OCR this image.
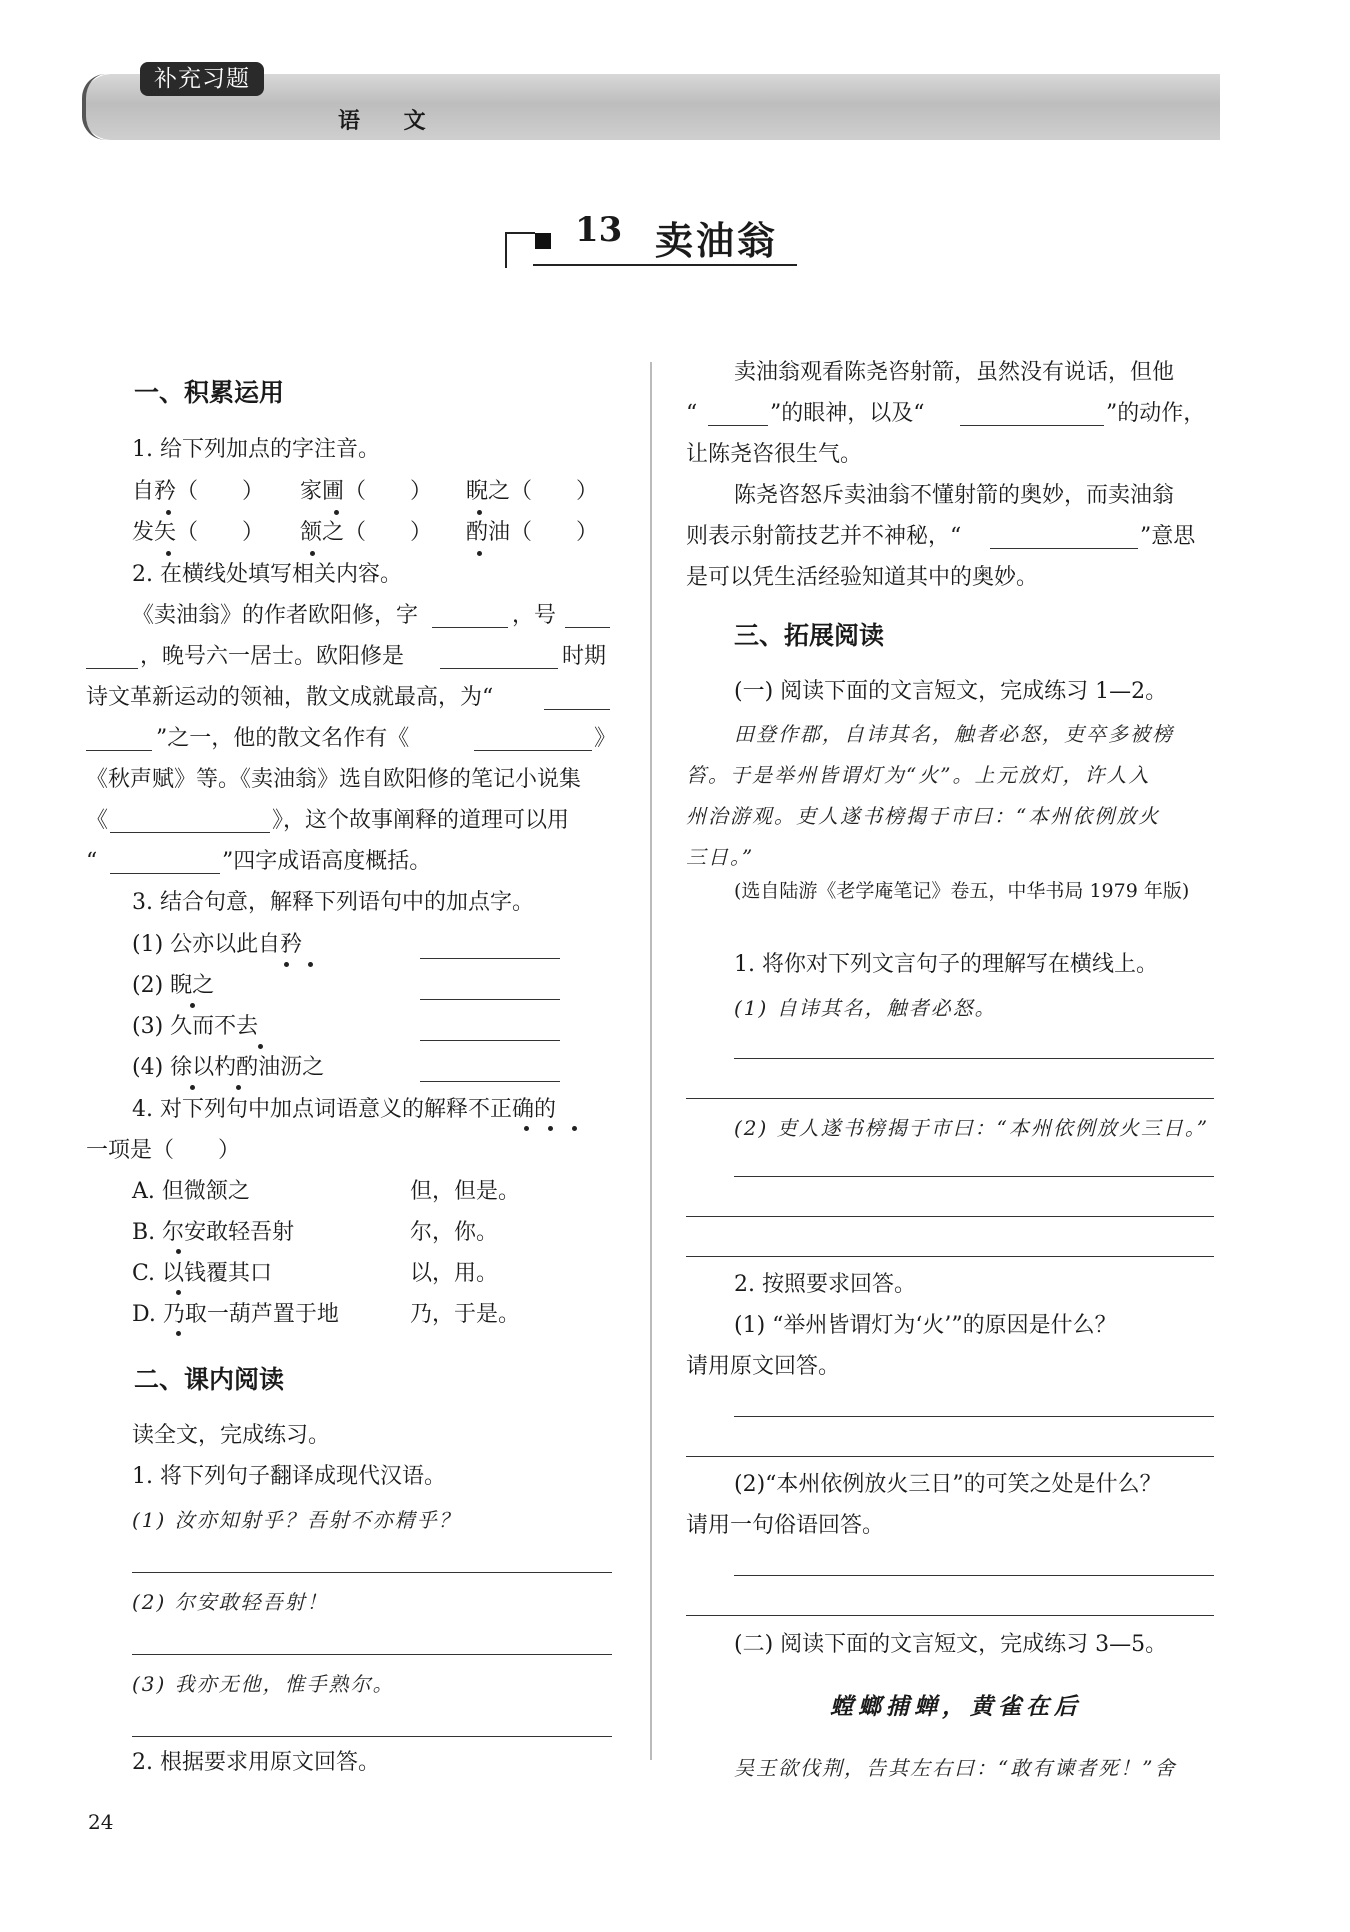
补充习题
语 文
13 卖油翁
一、积累运用
1. 给下列加点的字注音。
自矜（　　） 家圃（　　） 睨之（　　）
发矢（　　） 颔之（　　） 酌油（　　）
2. 在横线处填写相关内容。
《卖油翁》的作者欧阳修，字	，号
，晚号六一居士。欧阳修是	时期
诗文革新运动的领袖，散文成就最高，为“
”之一，他的散文名作有《	》
《秋声赋》等。《卖油翁》选自欧阳修的笔记小说集
《	》，这个故事阐释的道理可以用
“	”四字成语高度概括。
3. 结合句意，解释下列语句中的加点字。
(1) 公亦以此自矜
(2) 睨之
(3) 久而不去
(4) 徐以杓酌油沥之
4. 对下列句中加点词语意义的解释不正确的
一项是（　　）
A. 但微颔之	但，但是。
B. 尔安敢轻吾射	尔，你。
C. 以钱覆其口	以，用。
D. 乃取一葫芦置于地	乃，于是。
二、课内阅读
读全文，完成练习。
1. 将下列句子翻译成现代汉语。
(1) 汝亦知射乎？吾射不亦精乎？
(2) 尔安敢轻吾射！
(3) 我亦无他，惟手熟尔。
2. 根据要求用原文回答。
卖油翁观看陈尧咨射箭，虽然没有说话，但他
“	”的眼神，以及“	”的动作，
让陈尧咨很生气。
陈尧咨怒斥卖油翁不懂射箭的奥妙，而卖油翁
则表示射箭技艺并不神秘，“	”意思
是可以凭生活经验知道其中的奥妙。
三、拓展阅读
(一) 阅读下面的文言短文，完成练习 1—2。
田登作郡，自讳其名，触者必怒，吏卒多被榜
笞。于是举州皆谓灯为“火”。上元放灯，许人入
州治游观。吏人遂书榜揭于市曰：“本州依例放火
三日。”
(选自陆游《老学庵笔记》卷五，中华书局 1979 年版)
1. 将你对下列文言句子的理解写在横线上。
(1) 自讳其名，触者必怒。
(2) 吏人遂书榜揭于市曰：“本州依例放火三日。”
2. 按照要求回答。
(1) “举州皆谓灯为‘火’”的原因是什么？
请用原文回答。
(2)“本州依例放火三日”的可笑之处是什么？
请用一句俗语回答。
(二) 阅读下面的文言短文，完成练习 3—5。
螳螂捕蝉，黄雀在后
吴王欲伐荆，告其左右曰：“敢有谏者死！”舍
24
